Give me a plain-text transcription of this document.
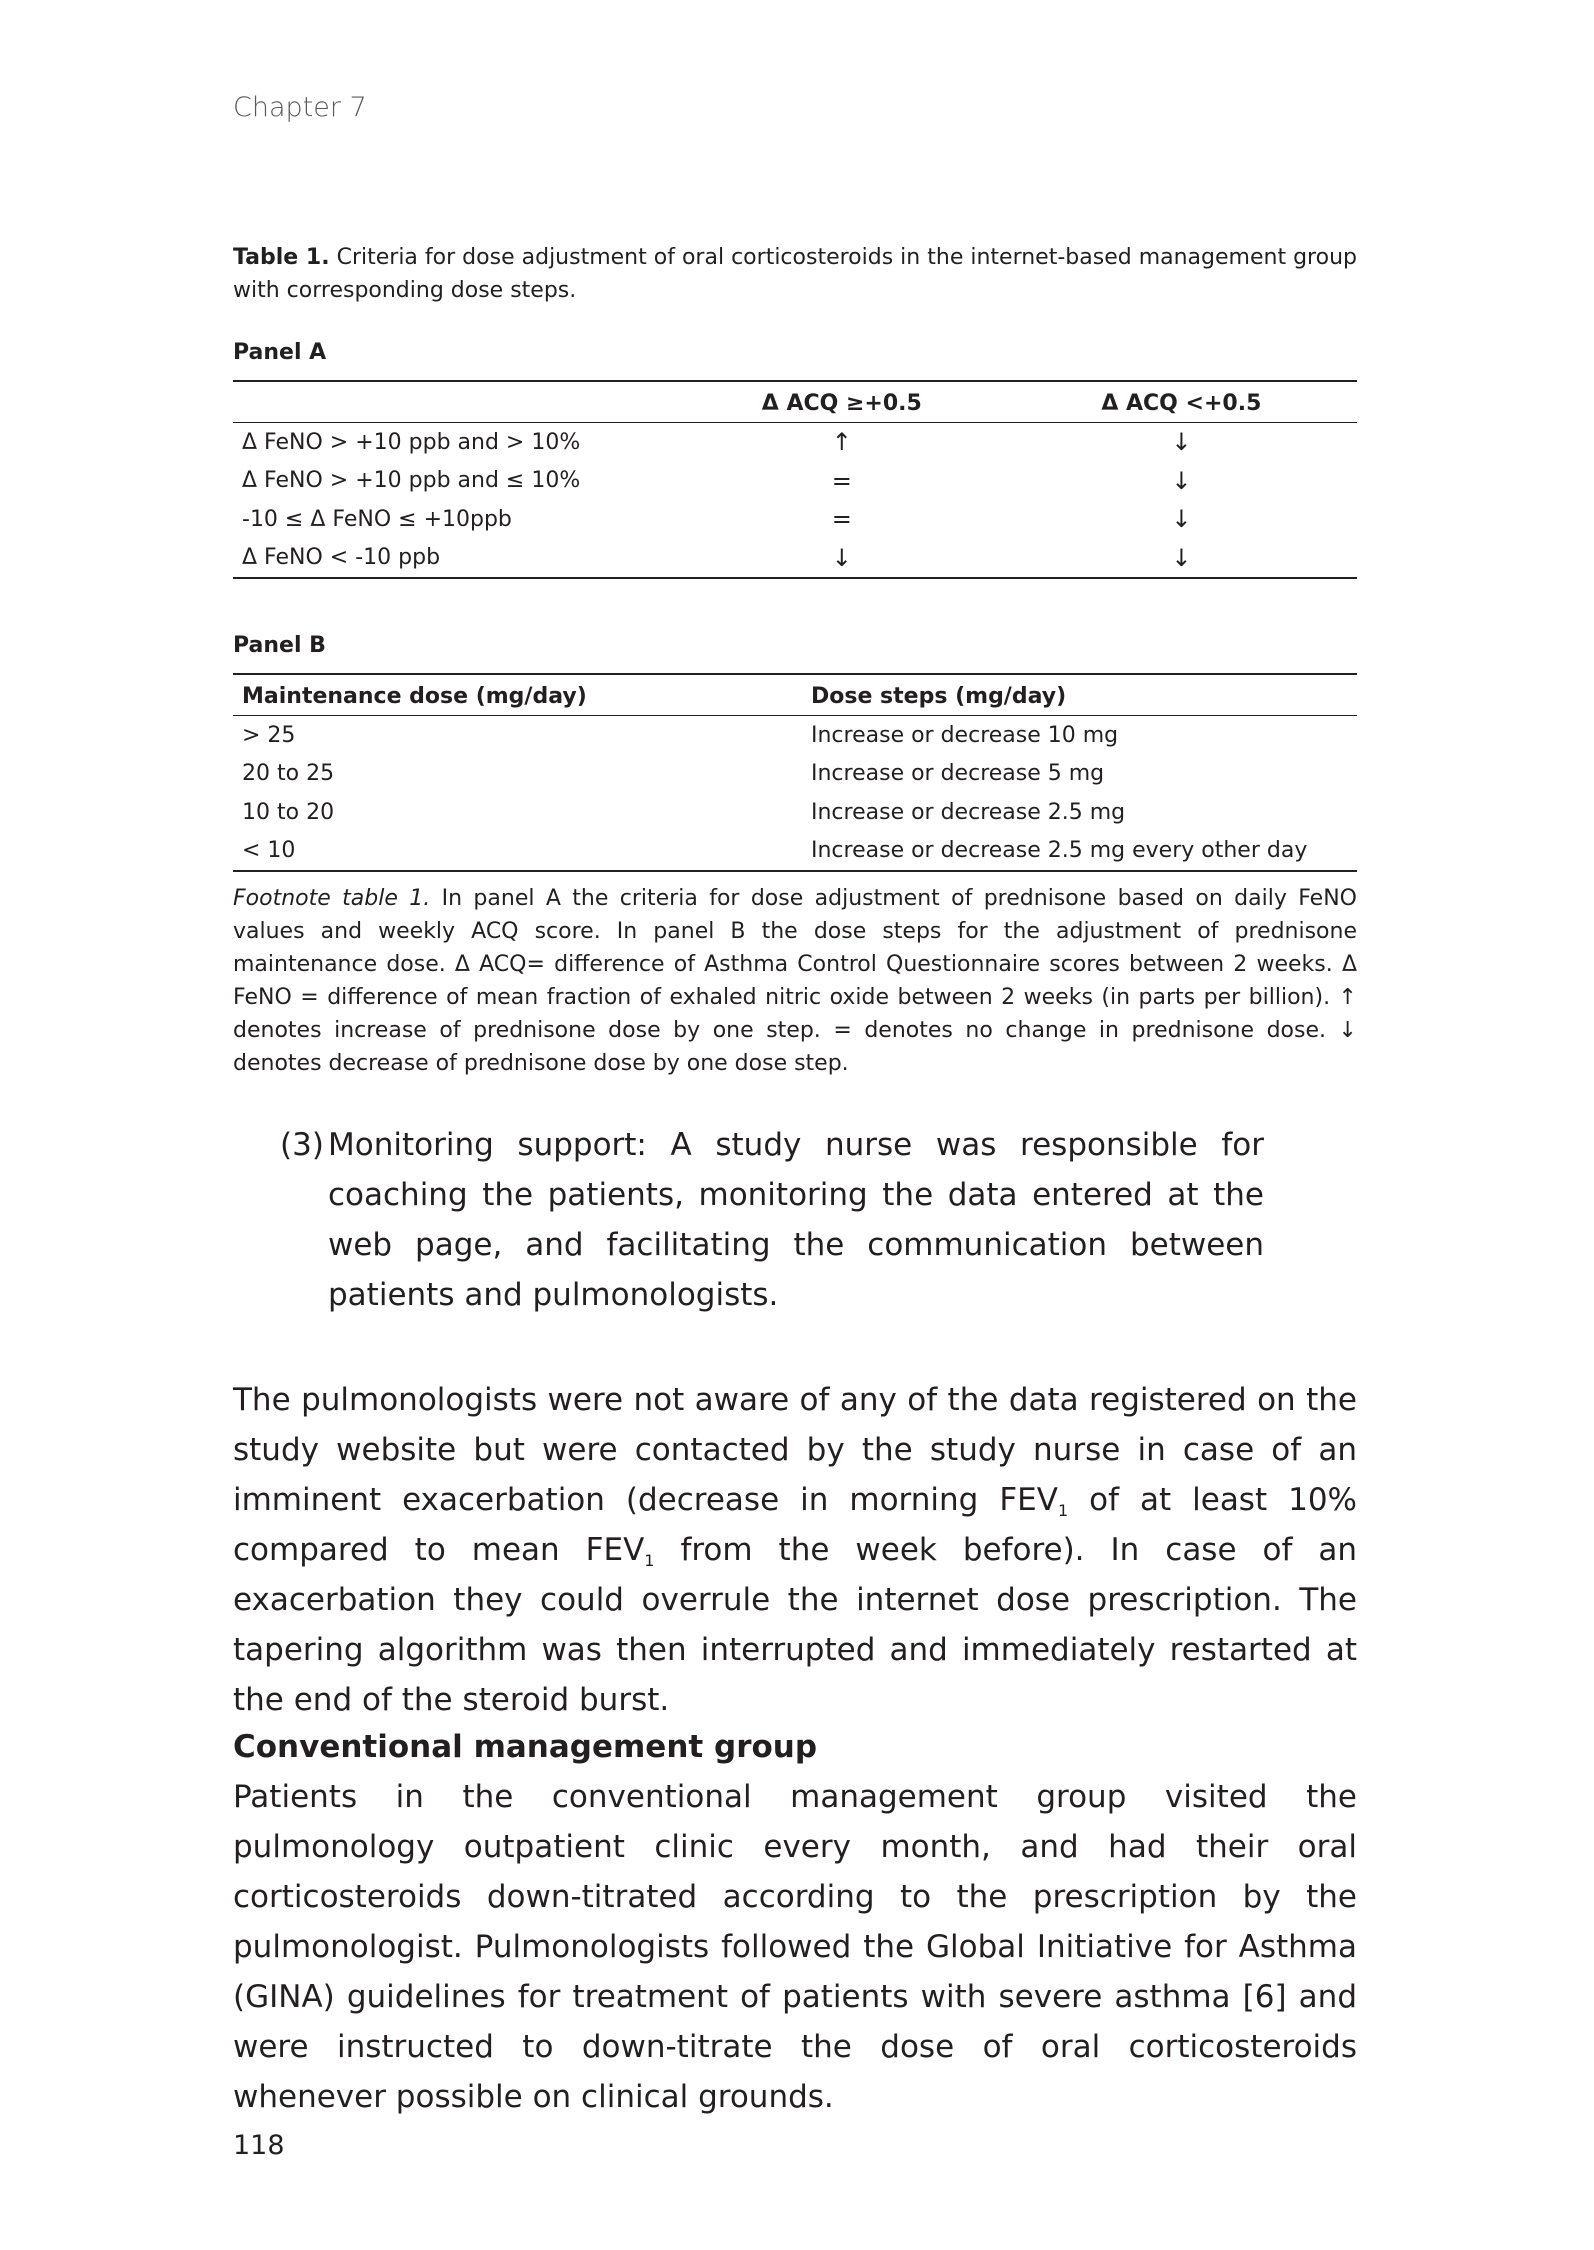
Chapter 7

Table 1. Criteria for dose adjustment of oral corticosteroids in the internet-based management group with corresponding dose steps.

Panel A

	Δ ACQ ≥+0.5	Δ ACQ <+0.5
Δ FeNO > +10 ppb and > 10%	↑	↓
Δ FeNO > +10 ppb and ≤ 10%	=	↓
-10 ≤ Δ FeNO ≤ +10ppb	=	↓
Δ FeNO < -10 ppb	↓	↓

Panel B

Maintenance dose (mg/day)	Dose steps (mg/day)
> 25	Increase or decrease 10 mg
20 to 25	Increase or decrease 5 mg
10 to 20	Increase or decrease 2.5 mg
< 10	Increase or decrease 2.5 mg every other day

Footnote table 1. In panel A the criteria for dose adjustment of prednisone based on daily FeNO values and weekly ACQ score. In panel B the dose steps for the adjustment of prednisone maintenance dose. Δ ACQ= difference of Asthma Control Questionnaire scores between 2 weeks. Δ FeNO = difference of mean fraction of exhaled nitric oxide between 2 weeks (in parts per billion). ↑ denotes increase of prednisone dose by one step. = denotes no change in prednisone dose. ↓ denotes decrease of prednisone dose by one dose step.

(3) Monitoring support: A study nurse was responsible for coaching the patients, monitoring the data entered at the web page, and facilitating the communication between patients and pulmonologists.

The pulmonologists were not aware of any of the data registered on the study website but were contacted by the study nurse in case of an imminent exacerbation (decrease in morning $FEV_1$ of at least 10% compared to mean $FEV_1$ from the week before). In case of an exacerbation they could overrule the internet dose prescription. The tapering algorithm was then interrupted and immediately restarted at the end of the steroid burst.

Conventional management group

Patients in the conventional management group visited the pulmonology outpatient clinic every month, and had their oral corticosteroids down-titrated according to the prescription by the pulmonologist. Pulmonologists followed the Global Initiative for Asthma (GINA) guidelines for treatment of patients with severe asthma [6] and were instructed to down-titrate the dose of oral corticosteroids whenever possible on clinical grounds.

118
